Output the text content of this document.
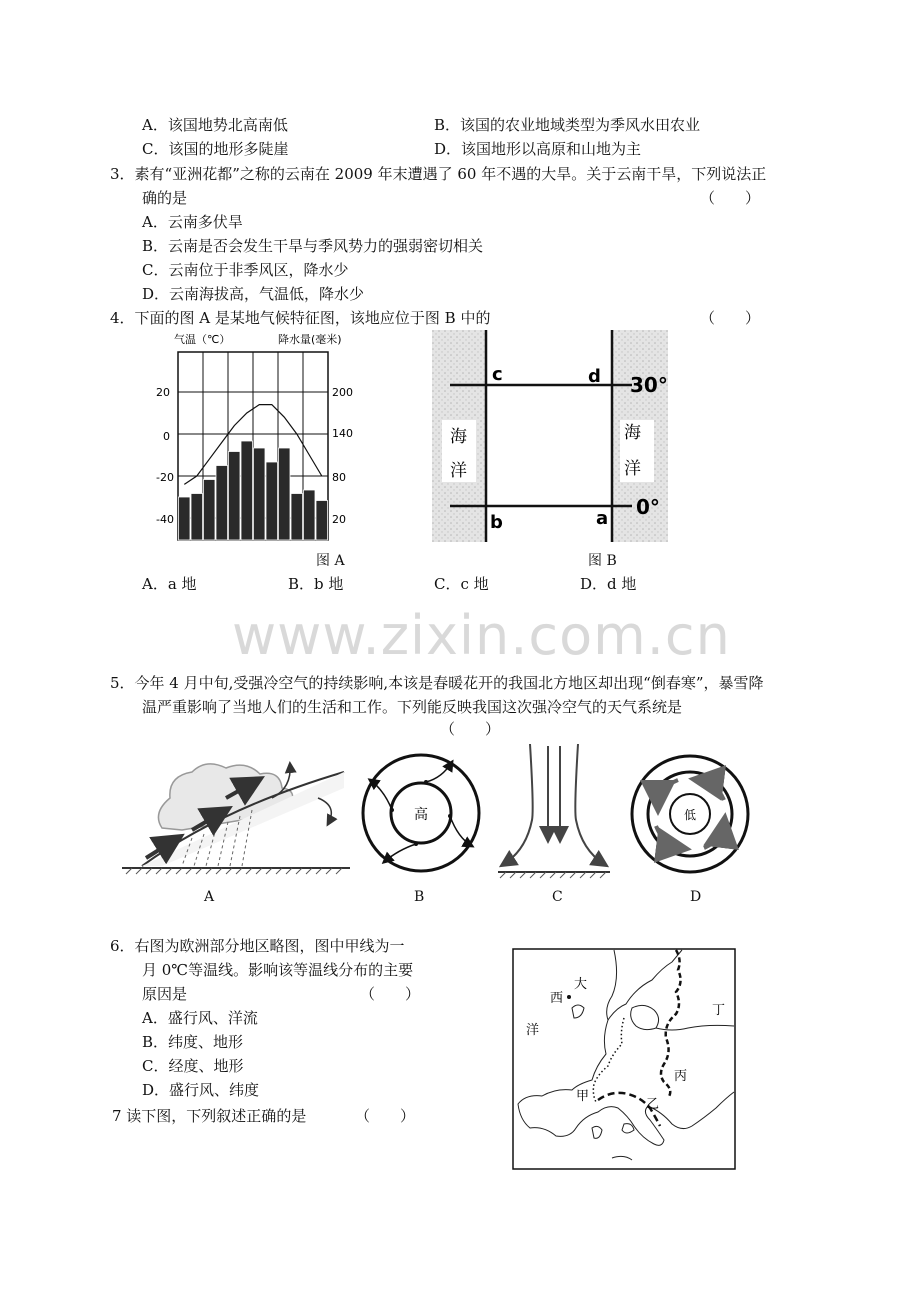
A．该国地势北高南低	B．该国的农业地域类型为季风水田农业
C．该国的地形多陡崖	D．该国地形以高原和山地为主
3．素有“亚洲花都”之称的云南在 2009 年末遭遇了 60 年不遇的大旱。关于云南干旱，下列说法正
确的是	（　　）
A．云南多伏旱
B．云南是否会发生干旱与季风势力的强弱密切相关
C．云南位于非季风区，降水少
D．云南海拔高，气温低，降水少
4．下面的图 A 是某地气候特征图，该地应位于图 B 中的	（　　）
气温（℃）	降水量(毫米)
20
0
-20
-40
200
140
80
20
图 A
c	d
b	a
30°
0°
海
洋
海
洋
图 B
A．a 地	B．b 地	C．c 地	D．d 地
www.zixin.com.cn
5．今年 4 月中旬,受强冷空气的持续影响,本该是春暖花开的我国北方地区却出现“倒春寒”，暴雪降
温严重影响了当地人们的生活和工作。下列能反映我国这次强冷空气的天气系统是
（　　）
A
高
B	C
低
D
6．右图为欧洲部分地区略图，图中甲线为一
月 0℃等温线。影响该等温线分布的主要
原因是	（　　）
A．盛行风、洋流
B．纬度、地形
C．经度、地形
D．盛行风、纬度
大
西
洋
丁
丙
甲
乙
7 读下图，下列叙述正确的是	（　　）
